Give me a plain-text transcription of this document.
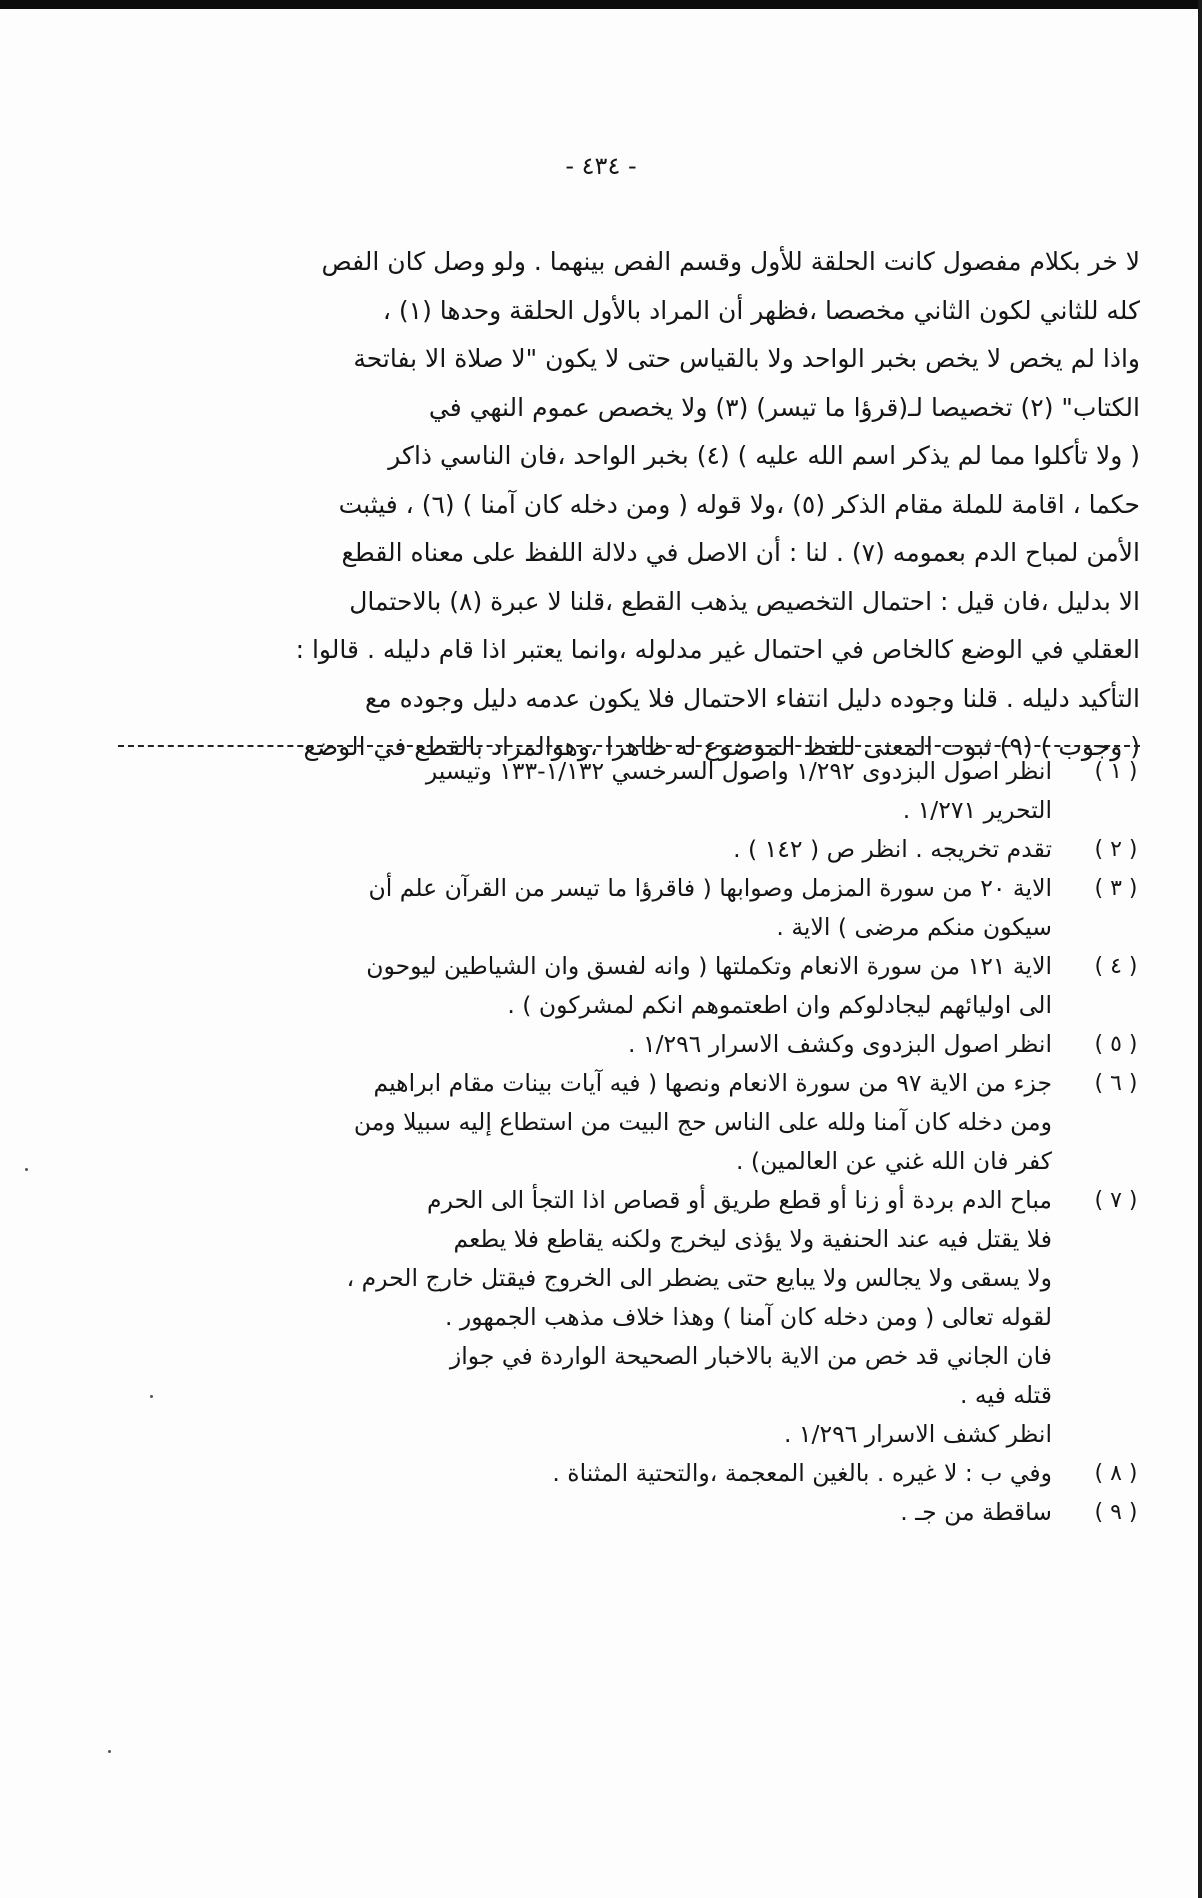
- ٤٣٤ -
لا خر بكلام مفصول كانت الحلقة للأول وقسم الفص بينهما . ولو وصل كان الفص
كله للثاني لكون الثاني مخصصا ،فظهر أن المراد بالأول الحلقة وحدها (١) ،
واذا لم يخص لا يخص بخبر الواحد ولا بالقياس حتى لا يكون "لا صلاة الا بفاتحة
الكتاب" (٢) تخصيصا لـ(قرؤا ما تيسر) (٣) ولا يخصص عموم النهي في
( ولا تأكلوا مما لم يذكر اسم الله عليه ) (٤) بخبر الواحد ،فان الناسي ذاكر
حكما ، اقامة للملة مقام الذكر (٥) ،ولا قوله ( ومن دخله كان آمنا ) (٦) ، فيثبت
الأمن لمباح الدم بعمومه (٧) . لنا : أن الاصل في دلالة اللفظ على معناه القطع
الا بدليل ،فان قيل : احتمال التخصيص يذهب القطع ،قلنا لا عبرة (٨) بالاحتمال
العقلي في الوضع كالخاص في احتمال غير مدلوله ،وانما يعتبر اذا قام دليله . قالوا :
التأكيد دليله . قلنا وجوده دليل انتفاء الاحتمال فلا يكون عدمه دليل وجوده مع
( وجوب ) (٩) ثبوت المعنى للفظ الموضوع له ظاهرا ،وهوالمراد بالقطع في الوضع
( ١ )
انظر اصول البزدوى ١/٢٩٢ واصول السرخسي ١/١٣٢-١٣٣ وتيسير
التحرير ١/٢٧١ .
( ٢ )
تقدم تخريجه . انظر ص ( ١٤٢ ) .
( ٣ )
الاية ٢٠ من سورة المزمل وصوابها ( فاقرؤا ما تيسر من القرآن علم أن
سيكون منكم مرضى ) الاية .
( ٤ )
الاية ١٢١ من سورة الانعام وتكملتها ( وانه لفسق وان الشياطين ليوحون
الى اوليائهم ليجادلوكم وان اطعتموهم انكم لمشركون ) .
( ٥ )
انظر اصول البزدوى وكشف الاسرار ١/٢٩٦ .
( ٦ )
جزء من الاية ٩٧ من سورة الانعام ونصها ( فيه آيات بينات مقام ابراهيم
ومن دخله كان آمنا ولله على الناس حج البيت من استطاع إليه سبيلا ومن
كفر فان الله غني عن العالمين) .
( ٧ )
مباح الدم بردة أو زنا أو قطع طريق أو قصاص اذا التجأ الى الحرم
فلا يقتل فيه عند الحنفية ولا يؤذى ليخرج ولكنه يقاطع فلا يطعم
ولا يسقى ولا يجالس ولا يبايع حتى يضطر الى الخروج فيقتل خارج الحرم ،
لقوله تعالى ( ومن دخله كان آمنا ) وهذا خلاف مذهب الجمهور .
فان الجاني قد خص من الاية بالاخبار الصحيحة الواردة في جواز
قتله فيه .
انظر كشف الاسرار ١/٢٩٦ .
( ٨ )
وفي ب : لا غيره . بالغين المعجمة ،والتحتية المثناة .
( ٩ )
ساقطة من جـ .
